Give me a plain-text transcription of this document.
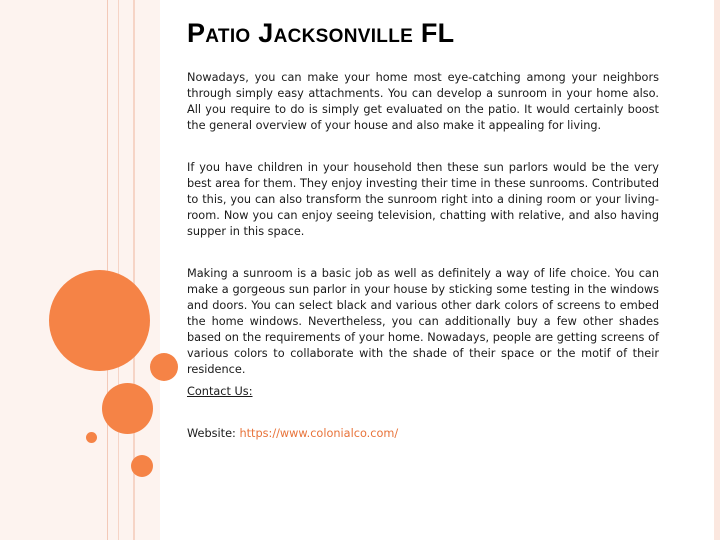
Patio Jacksonville FL

Nowadays, you can make your home most eye-catching among your neighbors through simply easy attachments. You can develop a sunroom in your home also. All you require to do is simply get evaluated on the patio. It would certainly boost the general overview of your house and also make it appealing for living.

If you have children in your household then these sun parlors would be the very best area for them. They enjoy investing their time in these sunrooms. Contributed to this, you can also transform the sunroom right into a dining room or your living-room. Now you can enjoy seeing television, chatting with relative, and also having supper in this space.

Making a sunroom is a basic job as well as definitely a way of life choice. You can make a gorgeous sun parlor in your house by sticking some testing in the windows and doors. You can select black and various other dark colors of screens to embed the home windows. Nevertheless, you can additionally buy a few other shades based on the requirements of your home. Nowadays, people are getting screens of various colors to collaborate with the shade of their space or the motif of their residence.

Contact Us:
Website: https://www.colonialco.com/
